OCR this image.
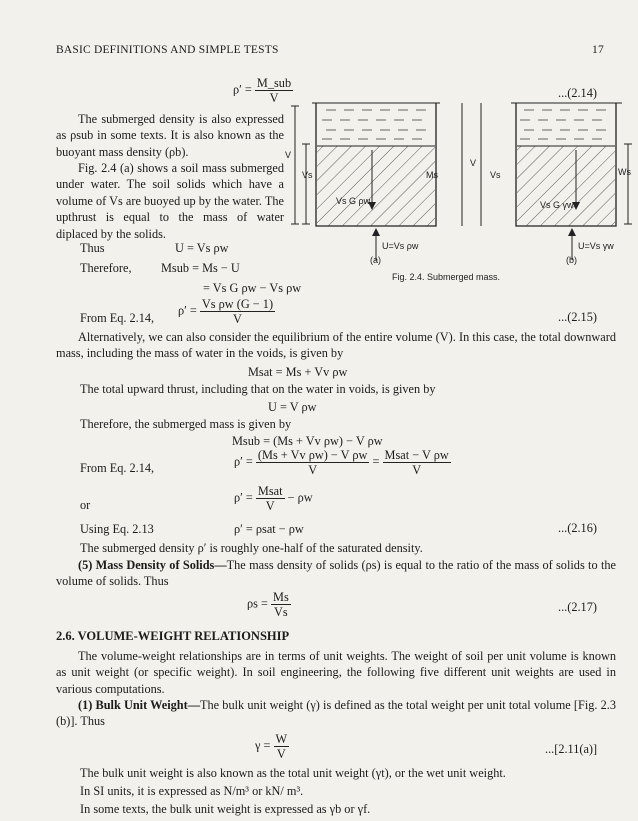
BASIC DEFINITIONS AND SIMPLE TESTS	17
$\rho' = \frac{\text{M\_sub}}{V}$	...(2.14)
The submerged density is also expressed as ρsub in some texts. It is also known as the buoyant mass density (ρb).
Fig. 2.4 (a) shows a soil mass submerged under water. The soil solids which have a volume of Vs are buoyed up by the water. The upthrust is equal to the mass of water diplaced by the solids.
V
Vs
Vs G ρw
U=Vs ρw
V
Ms	Vs
Vs G γw
U=Vs γw
Ws
(a)	(b)
Fig. 2.4. Submerged mass.
Thus	U = Vs ρw
Therefore, Msub = Ms − U
= Vs G ρw − Vs ρw
From Eq. 2.14,
$\rho' = \frac{\text{Vs ρw (G − 1)}}{V}$	...(2.15)
Alternatively, we can also consider the equilibrium of the entire volume (V). In this case, the total downward mass, including the mass of water in the voids, is given by
Msat = Ms + Vv ρw
The total upward thrust, including that on the water in voids, is given by
U = V ρw
Therefore, the submerged mass is given by
Msub = (Ms + Vv ρw) − V ρw
From Eq. 2.14,	$\rho' = \frac{\text{(Ms + Vv ρw) − V ρw}}{V} = \frac{\text{Msat − V ρw}}{V}$
or
$\rho' = \frac{\text{Msat}}{V} - \rho w$
Using Eq. 2.13	ρ′ = ρsat − ρw	...(2.16)
The submerged density ρ′ is roughly one-half of the saturated density.
(5) Mass Density of Solids—The mass density of solids (ρs) is equal to the ratio of the mass of solids to the volume of solids. Thus
$\rho s = \frac{Ms}{Vs}$	...(2.17)
2.6. VOLUME-WEIGHT RELATIONSHIP
The volume-weight relationships are in terms of unit weights. The weight of soil per unit volume is known as unit weight (or specific weight). In soil engineering, the following five different unit weights are used in various computations.
(1) Bulk Unit Weight—The bulk unit weight (γ) is defined as the total weight per unit total volume [Fig. 2.3 (b)]. Thus
$\gamma = \frac{W}{V}$	...[2.11(a)]
The bulk unit weight is also known as the total unit weight (γt), or the wet unit weight.
In SI units, it is expressed as N/m³ or kN/ m³.
In some texts, the bulk unit weight is expressed as γb or γf.
